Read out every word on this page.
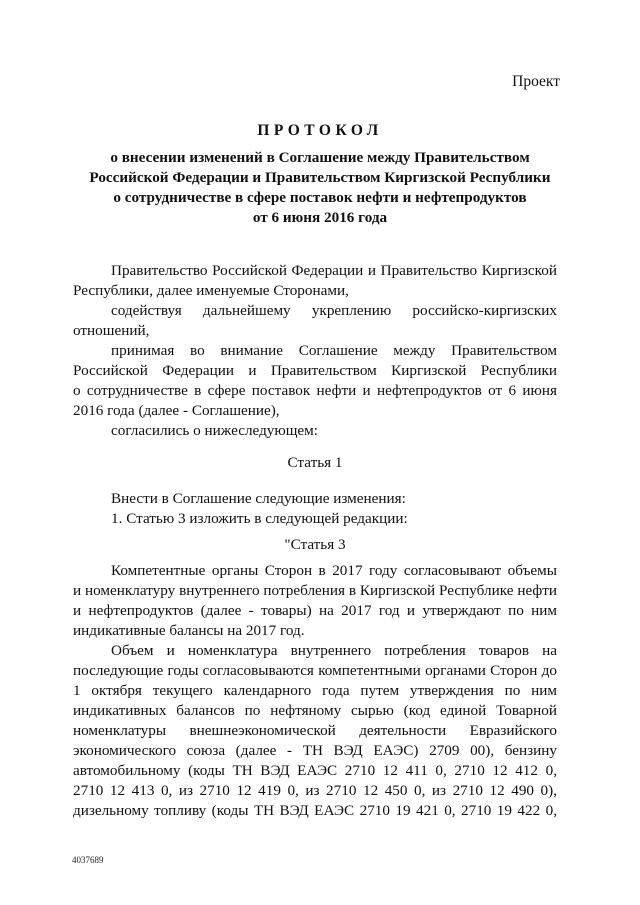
Проект
ПРОТОКОЛ
о внесении изменений в Соглашение между Правительством
Российской Федерации и Правительством Киргизской Республики
о сотрудничестве в сфере поставок нефти и нефтепродуктов
от 6 июня 2016 года
Правительство Российской Федерации и Правительство Киргизской
Республики, далее именуемые Сторонами,
содействуя дальнейшему укреплению российско-киргизских
отношений,
принимая во внимание Соглашение между Правительством
Российской Федерации и Правительством Киргизской Республики
о сотрудничестве в сфере поставок нефти и нефтепродуктов от 6 июня
2016 года (далее - Соглашение),
согласились о нижеследующем:
Статья 1
Внести в Соглашение следующие изменения:
1. Статью 3 изложить в следующей редакции:
"Статья 3
Компетентные органы Сторон в 2017 году согласовывают объемы
и номенклатуру внутреннего потребления в Киргизской Республике нефти
и нефтепродуктов (далее - товары) на 2017 год и утверждают по ним
индикативные балансы на 2017 год.
Объем и номенклатура внутреннего потребления товаров на
последующие годы согласовываются компетентными органами Сторон до
1 октября текущего календарного года путем утверждения по ним
индикативных балансов по нефтяному сырью (код единой Товарной
номенклатуры внешнеэкономической деятельности Евразийского
экономического союза (далее - ТН ВЭД ЕАЭС) 2709 00), бензину
автомобильному (коды ТН ВЭД ЕАЭС 2710 12 411 0, 2710 12 412 0,
2710 12 413 0, из 2710 12 419 0, из 2710 12 450 0, из 2710 12 490 0),
дизельному топливу (коды ТН ВЭД ЕАЭС 2710 19 421 0, 2710 19 422 0,
4037689
